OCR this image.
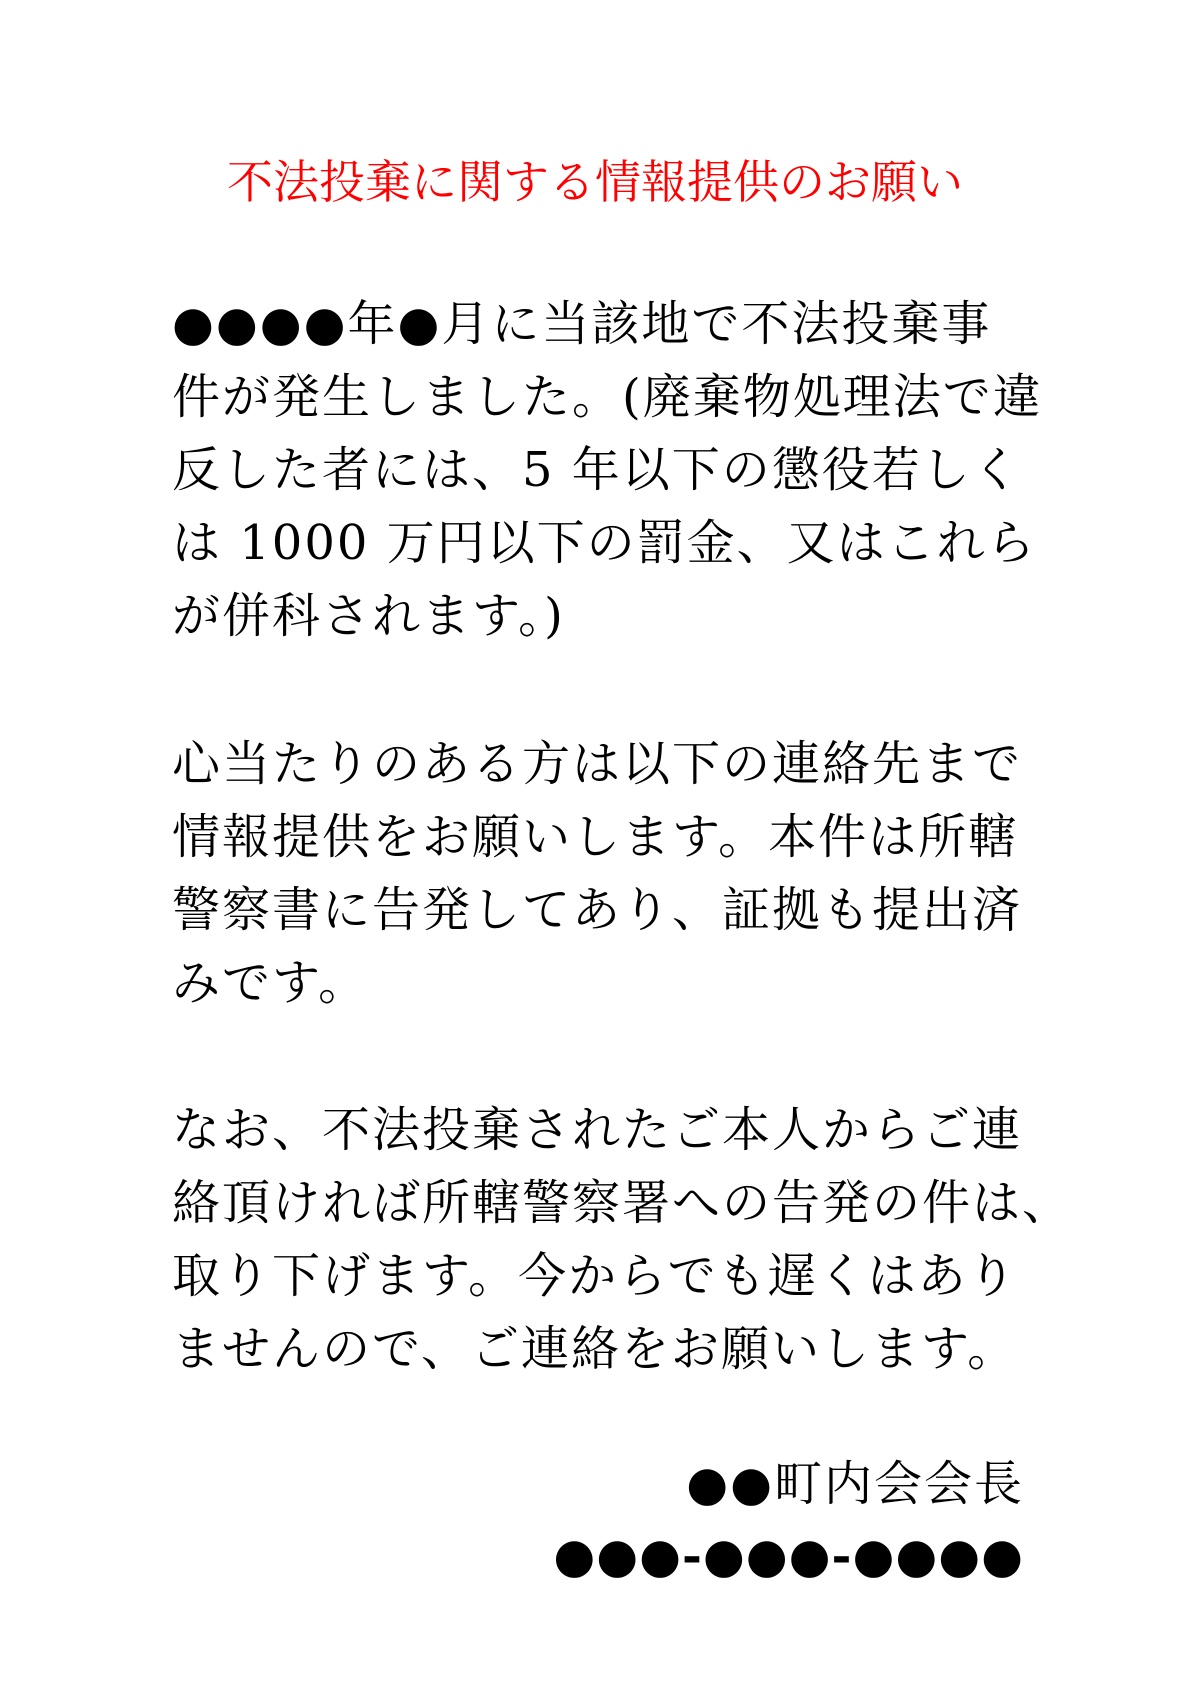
不法投棄に関する情報提供のお願い
●●●●年●月に当該地で不法投棄事
件が発生しました。(廃棄物処理法で違
反した者には、5 年以下の懲役若しく
は 1000 万円以下の罰金、又はこれら
が併科されます。)
心当たりのある方は以下の連絡先まで
情報提供をお願いします。本件は所轄
警察書に告発してあり、証拠も提出済
みです。
なお、不法投棄されたご本人からご連
絡頂ければ所轄警察署への告発の件は、
取り下げます。今からでも遅くはあり
ませんので、ご連絡をお願いします。
●●町内会会長
●●●-●●●-●●●●
